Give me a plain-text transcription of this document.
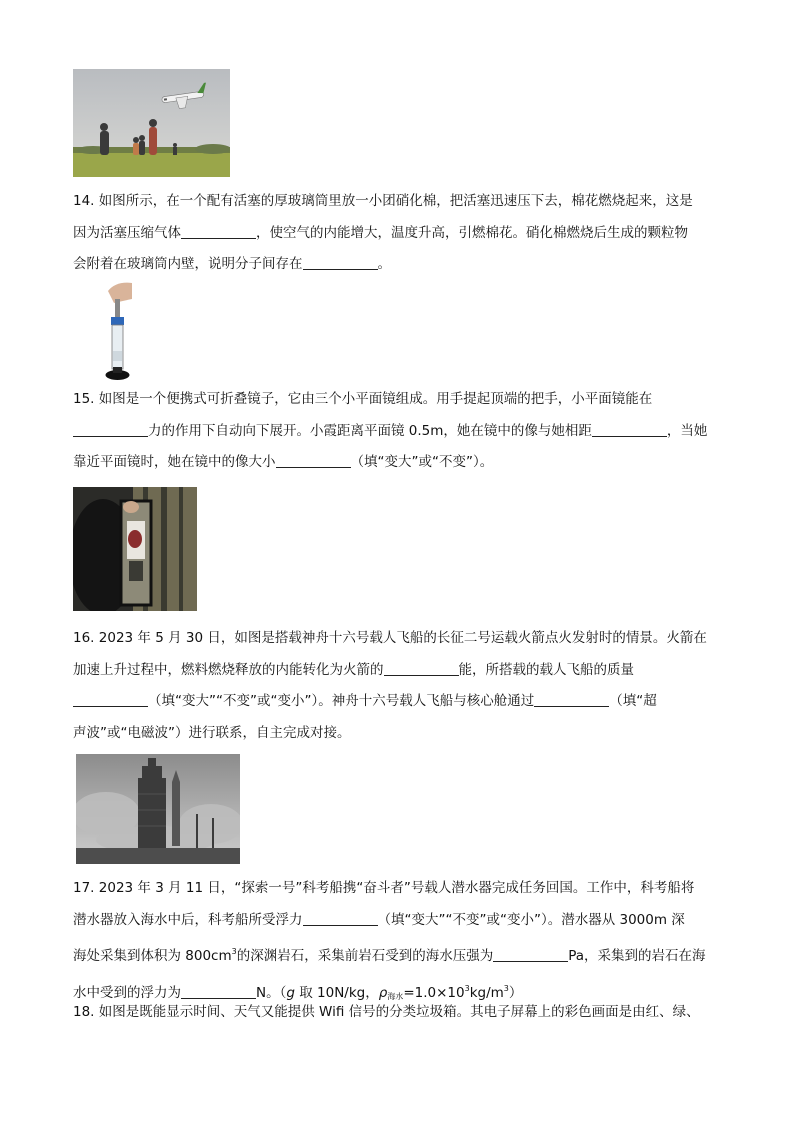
14. 如图所示，在一个配有活塞的厚玻璃筒里放一小团硝化棉，把活塞迅速压下去，棉花燃烧起来，这是

因为活塞压缩气体	，使空气的内能增大，温度升高，引燃棉花。硝化棉燃烧后生成的颗粒物

会附着在玻璃筒内壁，说明分子间存在	。

15. 如图是一个便携式可折叠镜子，它由三个小平面镜组成。用手提起顶端的把手，小平面镜能在

力的作用下自动向下展开。小霞距离平面镜 0.5m，她在镜中的像与她相距	，当她

靠近平面镜时，她在镜中的像大小	（填“变大”或“不变”）。

16. 2023 年 5 月 30 日，如图是搭载神舟十六号载人飞船的长征二号运载火箭点火发射时的情景。火箭在

加速上升过程中，燃料燃烧释放的内能转化为火箭的	能，所搭载的载人飞船的质量

（填“变大”“不变”或“变小”）。神舟十六号载人飞船与核心舱通过	（填“超

声波”或“电磁波”）进行联系，自主完成对接。

17. 2023 年 3 月 11 日，“探索一号”科考船携“奋斗者”号载人潜水器完成任务回国。工作中，科考船将

潜水器放入海水中后，科考船所受浮力	（填“变大”“不变”或“变小”）。潜水器从 3000m 深

海处采集到体积为 $800cm^3$的深渊岩石，采集前岩石受到的海水压强为	Pa，采集到的岩石在海

水中受到的浮力为	N。（g 取 10N/kg，$\rho_{海水}=1.0\times 10^3kg/m^3$）

18. 如图是既能显示时间、天气又能提供 Wifi 信号的分类垃圾箱。其电子屏幕上的彩色画面是由红、绿、
